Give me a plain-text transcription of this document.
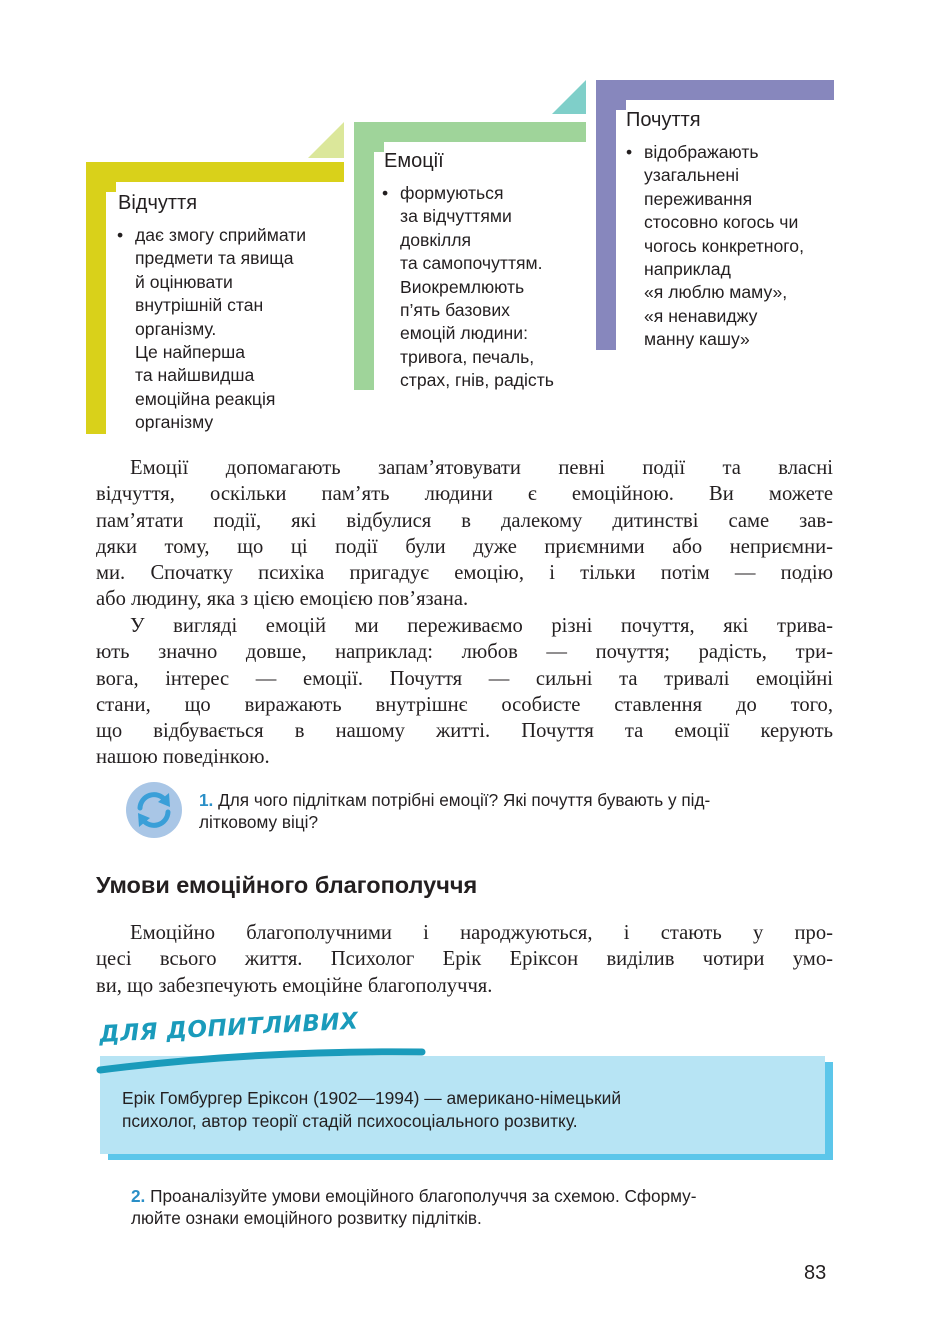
Відчуття
• дає змогу сприймати
предмети та явища
й оцінювати
внутрішній стан
організму.
Це найперша
та найшвидша
емоційна реакція
організму
Емоції
• формуються
за відчуттями
довкілля
та самопочуттям.
Виокремлюють
п’ять базових
емоцій людини:
тривога, печаль,
страх, гнів, радість
Почуття
• відображають
узагальнені
переживання
стосовно когось чи
чогось конкретного,
наприклад
«я люблю маму»,
«я ненавиджу
манну кашу»
Емоції допомагають запам’ятовувати певні події та власні
відчуття, оскільки пам’ять людини є емоційною. Ви можете
пам’ятати події, які відбулися в далекому дитинстві саме зав-
дяки тому, що ці події були дуже приємними або неприємни-
ми. Спочатку психіка пригадує емоцію, і тільки потім — подію
або людину, яка з цією емоцією пов’язана.
У вигляді емоцій ми переживаємо різні почуття, які трива-
ють значно довше, наприклад: любов — почуття; радість, три-
вога, інтерес — емоції. Почуття — сильні та тривалі емоційні
стани, що виражають внутрішнє особисте ставлення до того,
що відбувається в нашому житті. Почуття та емоції керують
нашою поведінкою.
1. Для чого підліткам потрібні емоції? Які почуття бувають у під-
літковому віці?
Умови емоційного благополуччя
Емоційно благополучними і народжуються, і стають у про-
цесі всього життя. Психолог Ерік Еріксон виділив чотири умо-
ви, що забезпечують емоційне благополуччя.
ДЛЯ ДОПИТЛИВИХ
Ерік Гомбургер Еріксон (1902—1994) — американо-німецький
психолог, автор теорії стадій психосоціального розвитку.
2. Проаналізуйте умови емоційного благополуччя за схемою. Сформу-
люйте ознаки емоційного розвитку підлітків.
83
